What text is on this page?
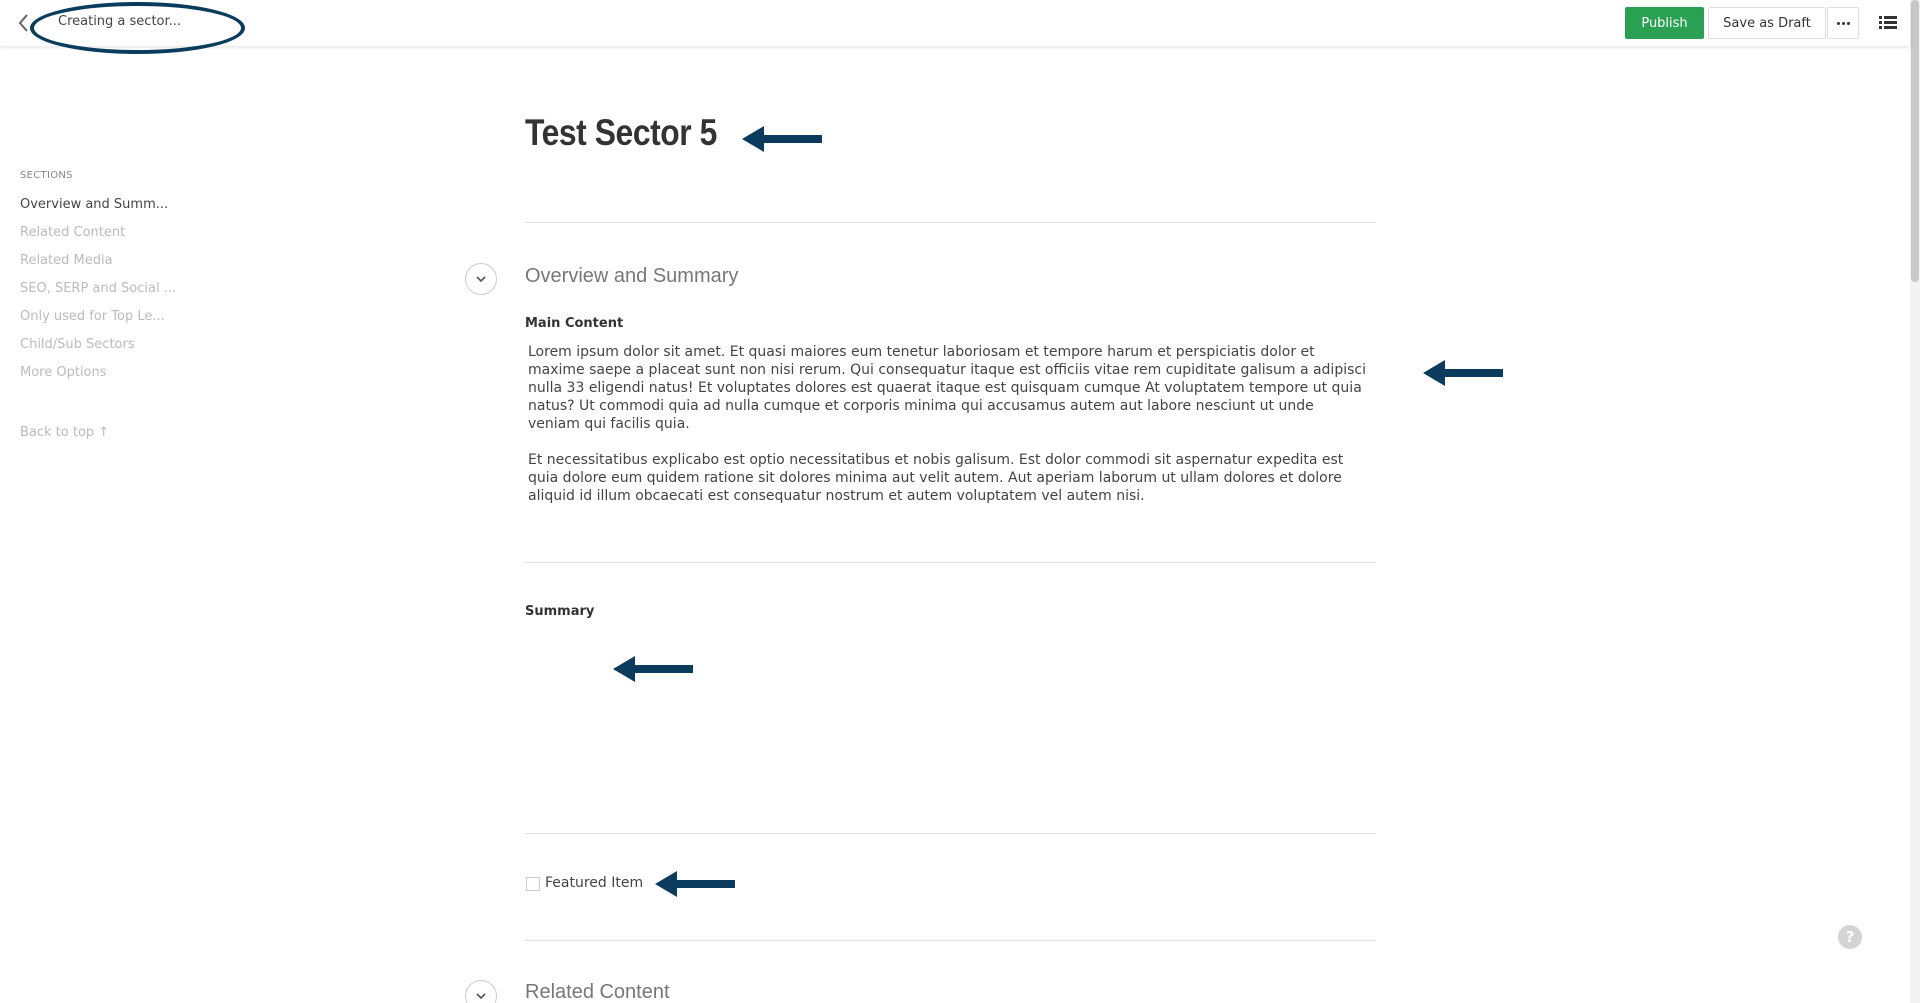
Creating a sector...	Publish	Save as Draft
SECTIONS
Overview and Summ...
Related Content
Related Media
SEO, SERP and Social ...
Only used for Top Le...
Child/Sub Sectors
More Options
Back to top ↑
Test Sector 5
Overview and Summary
Main Content

Lorem ipsum dolor sit amet. Et quasi maiores eum tenetur laboriosam et tempore harum et perspiciatis dolor et maxime saepe a placeat sunt non nisi rerum. Qui consequatur itaque est officiis vitae rem cupiditate galisum a adipisci nulla 33 eligendi natus! Et voluptates dolores est quaerat itaque est quisquam cumque At voluptatem tempore ut quia natus? Ut commodi quia ad nulla cumque et corporis minima qui accusamus autem aut labore nesciunt ut unde veniam qui facilis quia.

Et necessitatibus explicabo est optio necessitatibus et nobis galisum. Est dolor commodi sit aspernatur expedita est quia dolore eum quidem ratione sit dolores minima aut velit autem. Aut aperiam laborum ut ullam dolores et dolore aliquid id illum obcaecati est consequatur nostrum et autem voluptatem vel autem nisi.

Summary
Featured Item
Related Content
?
